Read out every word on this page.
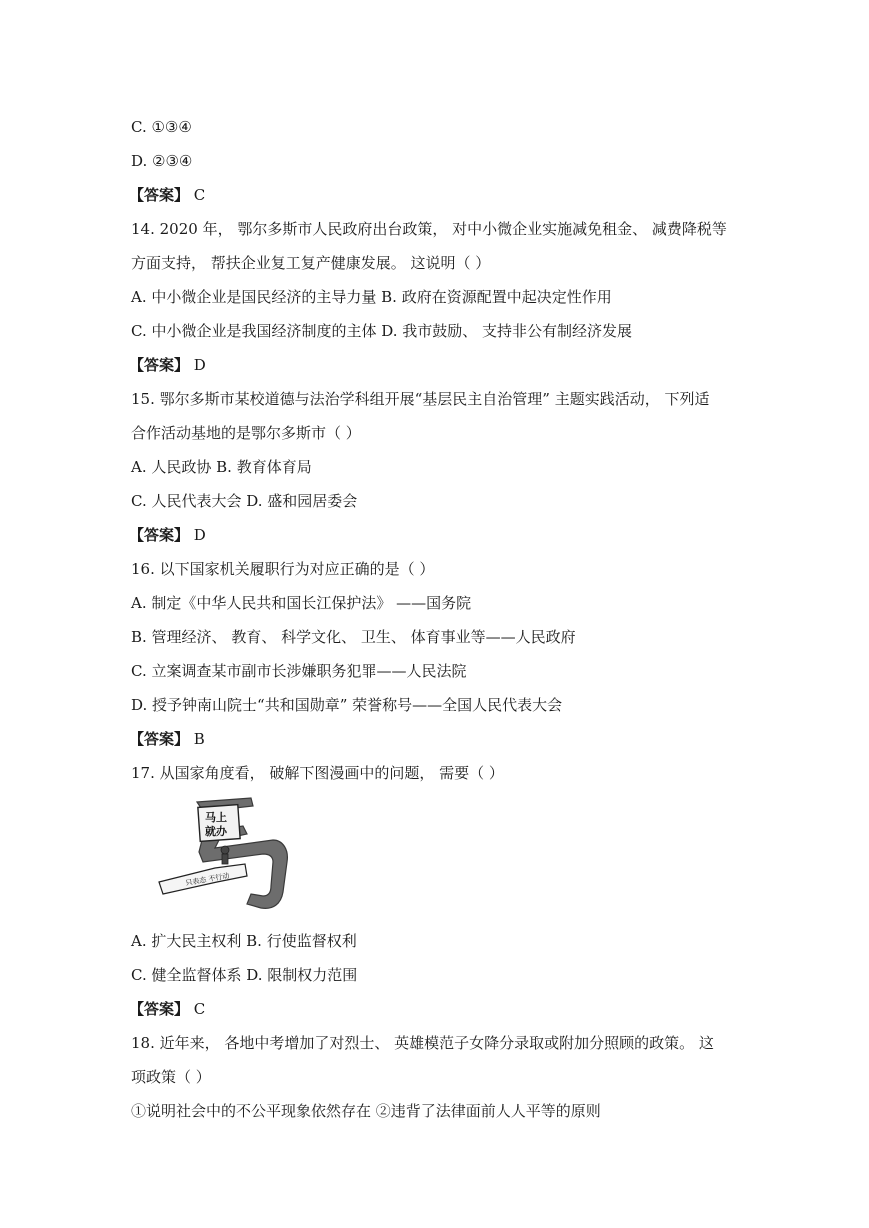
C. ①③④
D. ②③④
【答案】 C
14. 2020 年， 鄂尔多斯市人民政府出台政策， 对中小微企业实施减免租金、 减费降税等
方面支持， 帮扶企业复工复产健康发展。 这说明（ ）
A. 中小微企业是国民经济的主导力量 B. 政府在资源配置中起决定性作用
C. 中小微企业是我国经济制度的主体 D. 我市鼓励、 支持非公有制经济发展
【答案】 D
15. 鄂尔多斯市某校道德与法治学科组开展“基层民主自治管理” 主题实践活动， 下列适
合作活动基地的是鄂尔多斯市（ ）
A. 人民政协 B. 教育体育局
C. 人民代表大会 D. 盛和园居委会
【答案】 D
16. 以下国家机关履职行为对应正确的是（ ）
A. 制定《中华人民共和国长江保护法》 ——国务院
B. 管理经济、 教育、 科学文化、 卫生、 体育事业等——人民政府
C. 立案调查某市副市长涉嫌职务犯罪——人民法院
D. 授予钟南山院士“共和国勋章” 荣誉称号——全国人民代表大会
【答案】 B
17. 从国家角度看， 破解下图漫画中的问题， 需要（ ）
马上
就办
只表态 不行动
A. 扩大民主权利 B. 行使监督权利
C. 健全监督体系 D. 限制权力范围
【答案】 C
18. 近年来， 各地中考增加了对烈士、 英雄模范子女降分录取或附加分照顾的政策。 这
项政策（ ）
①说明社会中的不公平现象依然存在 ②违背了法律面前人人平等的原则
